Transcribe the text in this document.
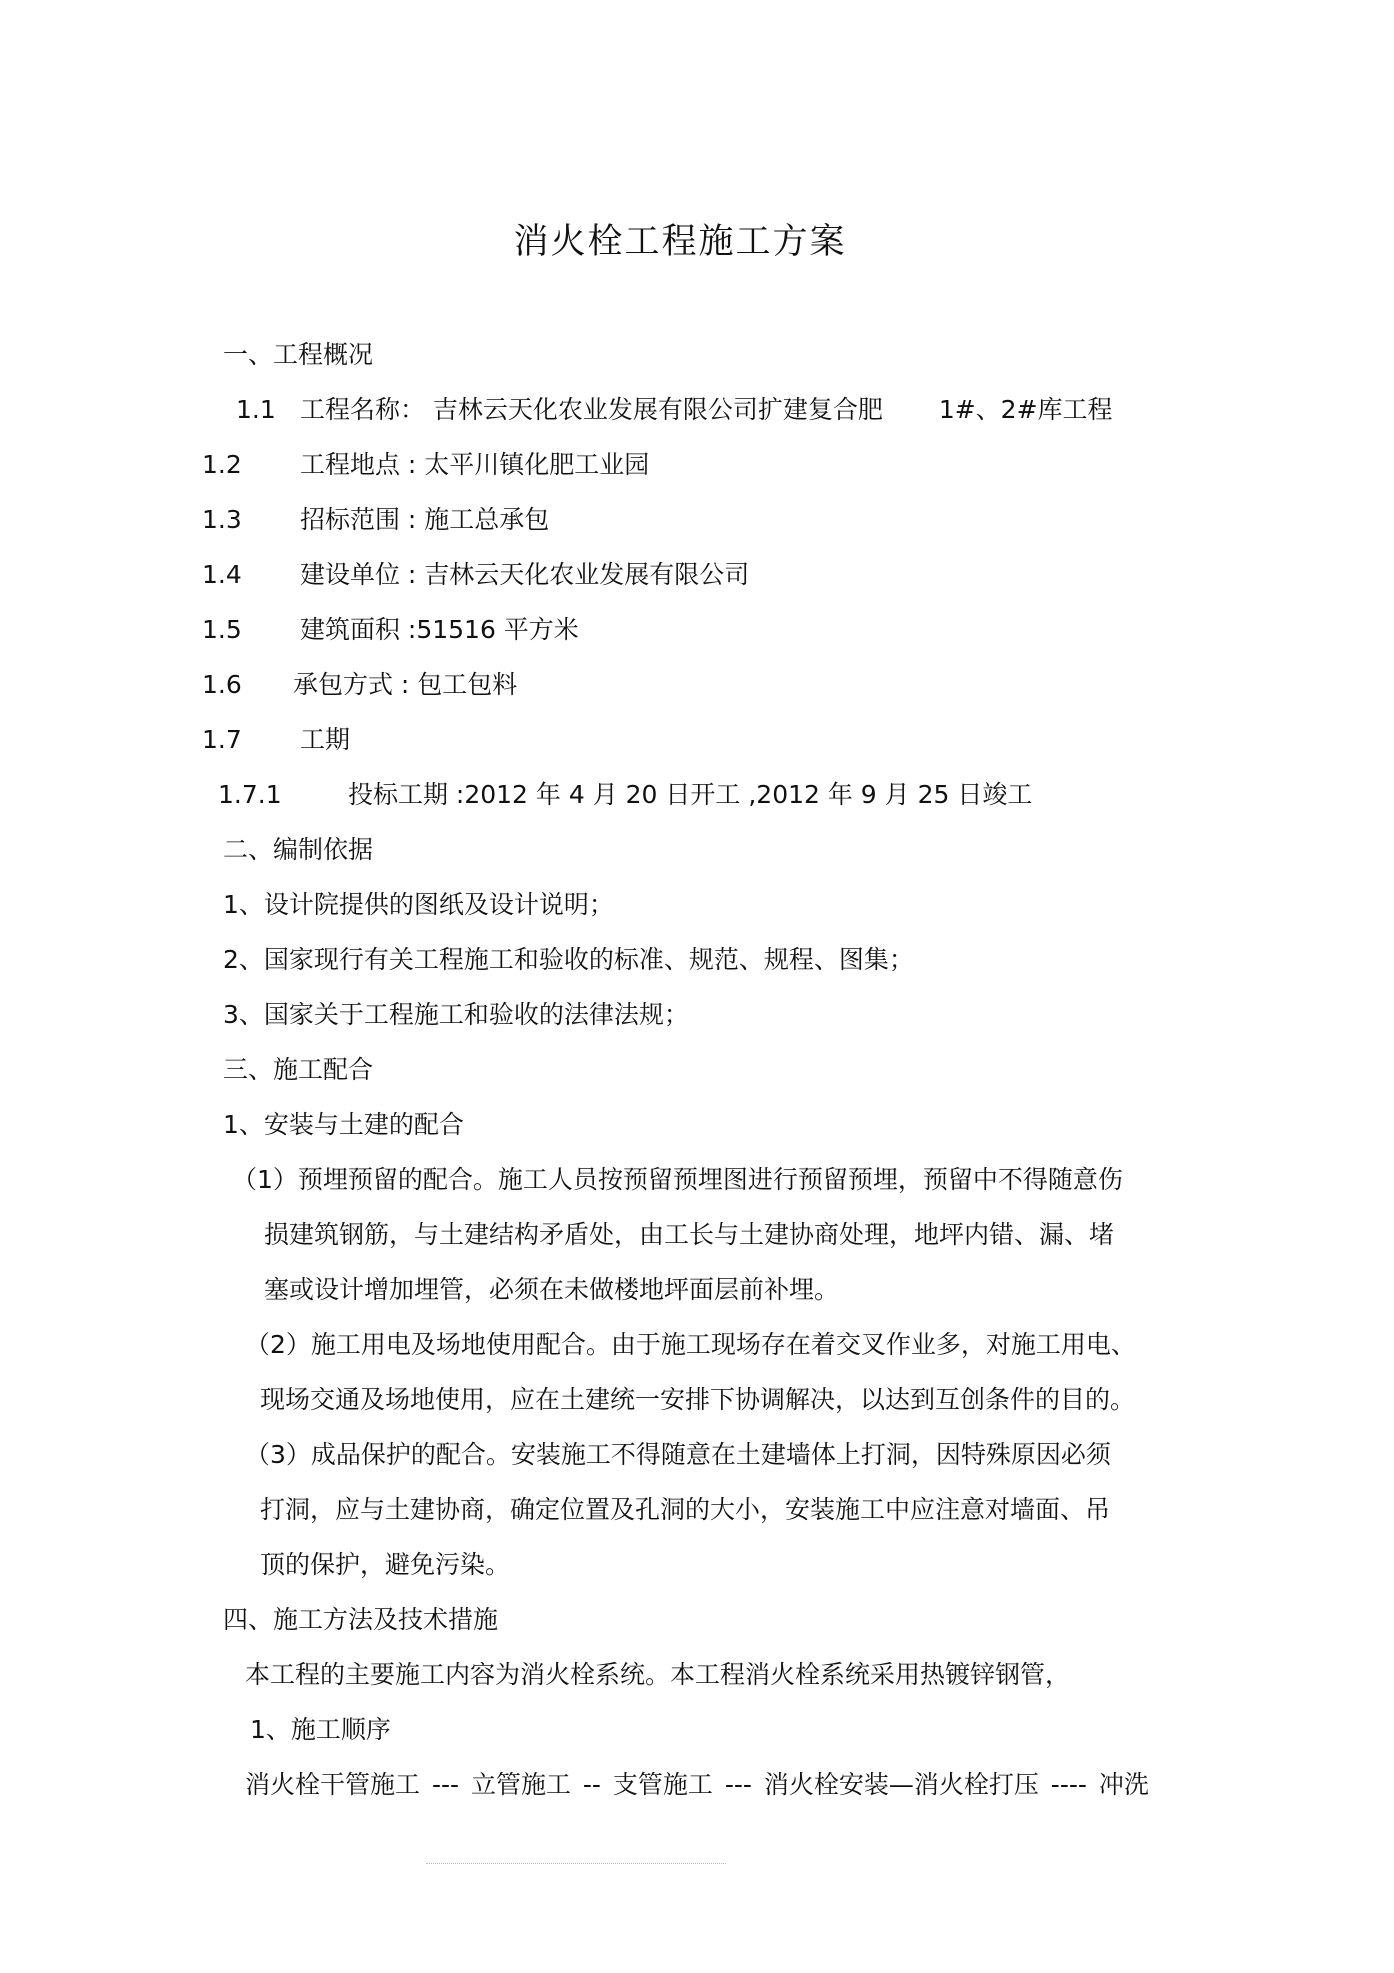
消火栓工程施工方案
一、工程概况
1.1 工程名称： 吉林云天化农业发展有限公司扩建复合肥 1#、2#库工程
1.2 工程地点 : 太平川镇化肥工业园
1.3 招标范围 : 施工总承包
1.4 建设单位 : 吉林云天化农业发展有限公司
1.5 建筑面积 :51516 平方米
1.6 承包方式 : 包工包料
1.7 工期
1.7.1	投标工期 :2012 年 4 月 20 日开工 ,2012 年 9 月 25 日竣工
二、编制依据
1、设计院提供的图纸及设计说明；
2、国家现行有关工程施工和验收的标准、规范、规程、图集；
3、国家关于工程施工和验收的法律法规；
三、施工配合
1、安装与土建的配合
（1）预埋预留的配合。施工人员按预留预埋图进行预留预埋，预留中不得随意伤
损建筑钢筋，与土建结构矛盾处，由工长与土建协商处理，地坪内错、漏、堵
塞或设计增加埋管，必须在未做楼地坪面层前补埋。
（2）施工用电及场地使用配合。由于施工现场存在着交叉作业多，对施工用电、
现场交通及场地使用，应在土建统一安排下协调解决，以达到互创条件的目的。
（3）成品保护的配合。安装施工不得随意在土建墙体上打洞，因特殊原因必须
打洞，应与土建协商，确定位置及孔洞的大小，安装施工中应注意对墙面、吊
顶的保护，避免污染。
四、施工方法及技术措施
本工程的主要施工内容为消火栓系统。本工程消火栓系统采用热镀锌钢管，
1、施工顺序
消火栓干管施工 --- 立管施工 -- 支管施工 --- 消火栓安装—消火栓打压 ---- 冲洗
